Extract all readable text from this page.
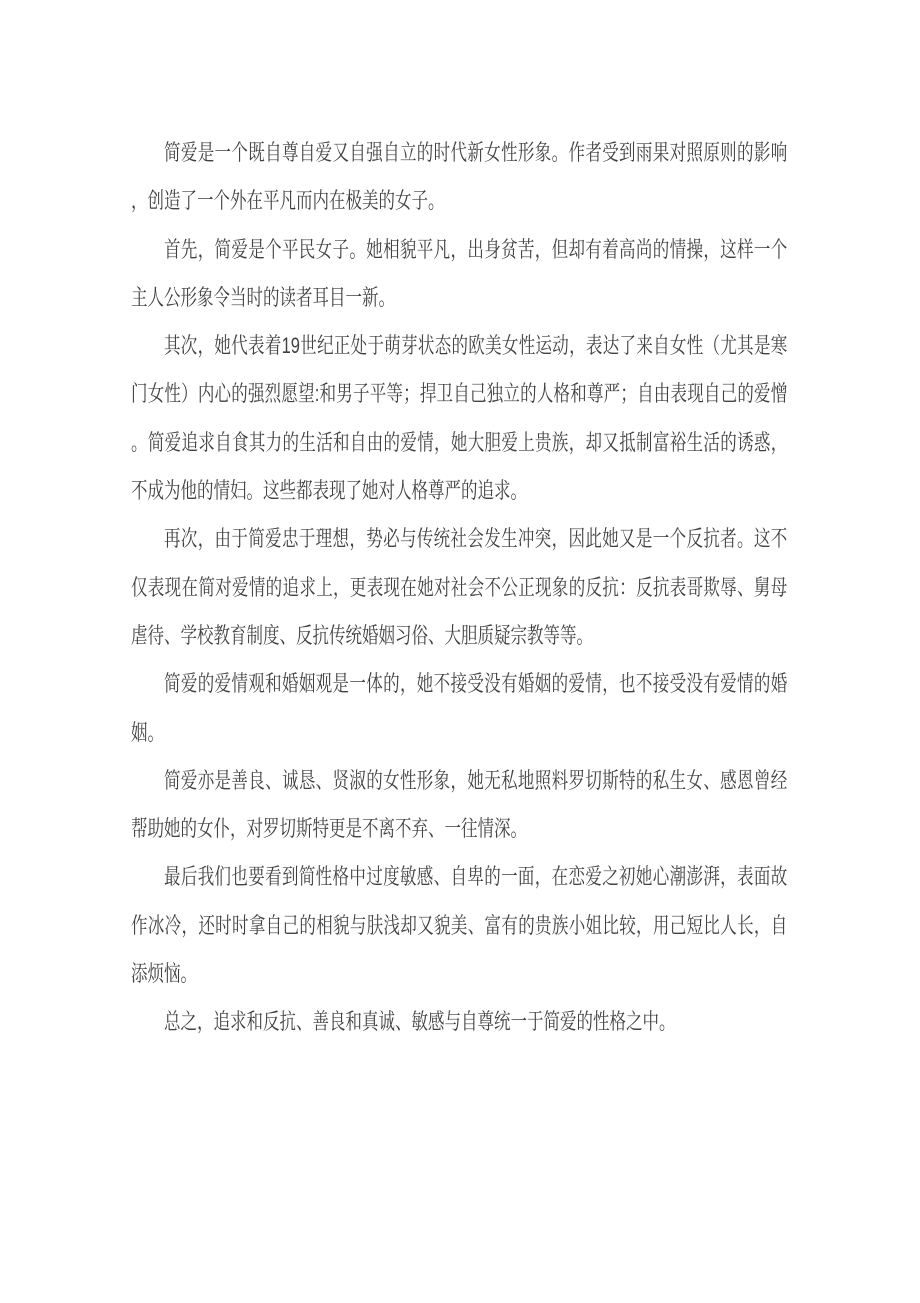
简爱是一个既自尊自爱又自强自立的时代新女性形象。作者受到雨果对照原则的影响
，创造了一个外在平凡而内在极美的女子。
首先，简爱是个平民女子。她相貌平凡，出身贫苦，但却有着高尚的情操，这样一个
主人公形象令当时的读者耳目一新。
其次，她代表着19世纪正处于萌芽状态的欧美女性运动，表达了来自女性（尤其是寒
门女性）内心的强烈愿望:和男子平等；捍卫自己独立的人格和尊严；自由表现自己的爱憎
。简爱追求自食其力的生活和自由的爱情，她大胆爱上贵族，却又抵制富裕生活的诱惑，
不成为他的情妇。这些都表现了她对人格尊严的追求。
再次，由于简爱忠于理想，势必与传统社会发生冲突，因此她又是一个反抗者。这不
仅表现在简对爱情的追求上，更表现在她对社会不公正现象的反抗：反抗表哥欺辱、舅母
虐待、学校教育制度、反抗传统婚姻习俗、大胆质疑宗教等等。
简爱的爱情观和婚姻观是一体的，她不接受没有婚姻的爱情，也不接受没有爱情的婚
姻。
简爱亦是善良、诚恳、贤淑的女性形象，她无私地照料罗切斯特的私生女、感恩曾经
帮助她的女仆，对罗切斯特更是不离不弃、一往情深。
最后我们也要看到简性格中过度敏感、自卑的一面，在恋爱之初她心潮澎湃，表面故
作冰冷，还时时拿自己的相貌与肤浅却又貌美、富有的贵族小姐比较，用己短比人长，自
添烦恼。
总之，追求和反抗、善良和真诚、敏感与自尊统一于简爱的性格之中。
